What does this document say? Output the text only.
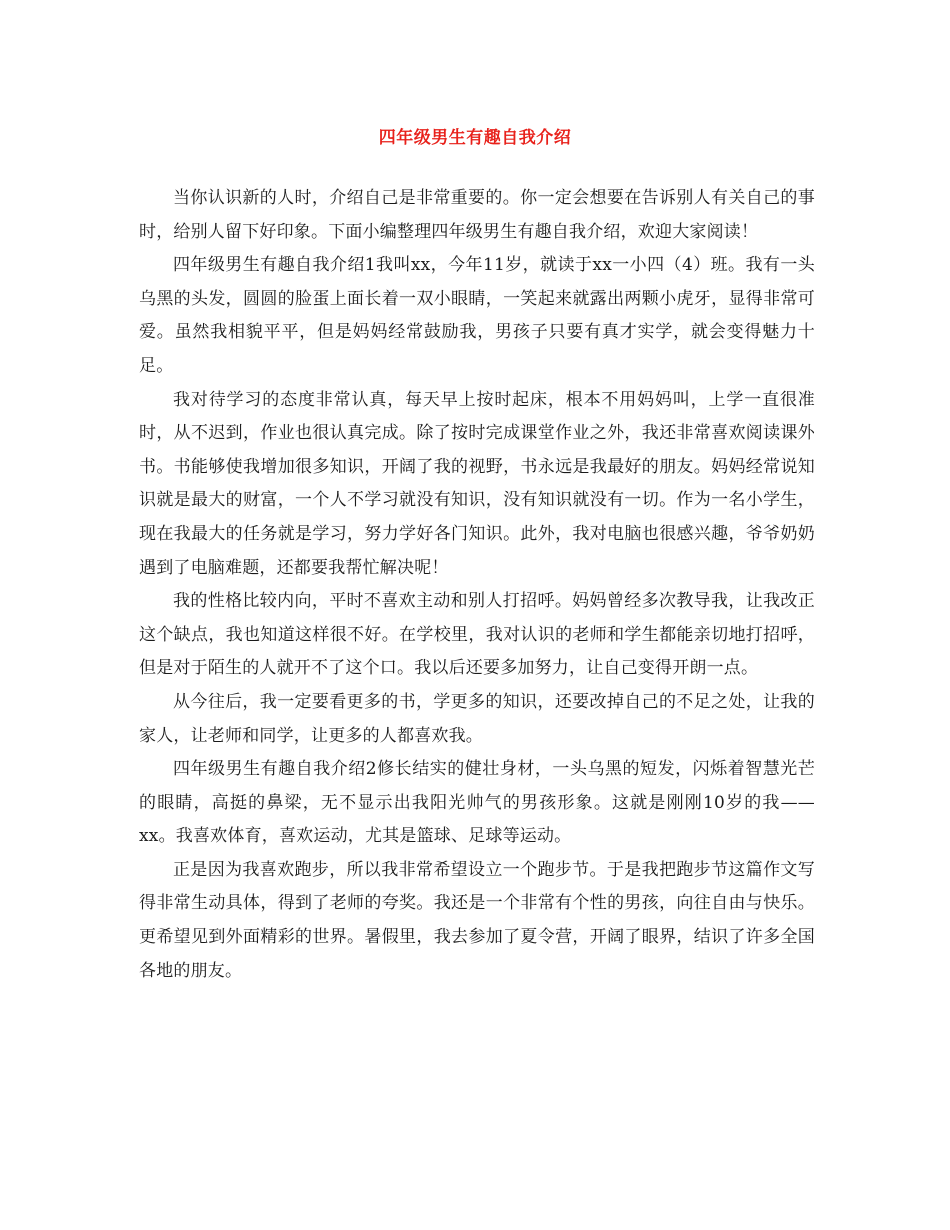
四年级男生有趣自我介绍

当你认识新的人时，介绍自己是非常重要的。你一定会想要在告诉别人有关自己的事时，给别人留下好印象。下面小编整理四年级男生有趣自我介绍，欢迎大家阅读！

四年级男生有趣自我介绍1我叫xx，今年11岁，就读于xx一小四（4）班。我有一头乌黑的头发，圆圆的脸蛋上面长着一双小眼睛，一笑起来就露出两颗小虎牙，显得非常可爱。虽然我相貌平平，但是妈妈经常鼓励我，男孩子只要有真才实学，就会变得魅力十足。

我对待学习的态度非常认真，每天早上按时起床，根本不用妈妈叫，上学一直很准时，从不迟到，作业也很认真完成。除了按时完成课堂作业之外，我还非常喜欢阅读课外书。书能够使我增加很多知识，开阔了我的视野，书永远是我最好的朋友。妈妈经常说知识就是最大的财富，一个人不学习就没有知识，没有知识就没有一切。作为一名小学生，现在我最大的任务就是学习，努力学好各门知识。此外，我对电脑也很感兴趣，爷爷奶奶遇到了电脑难题，还都要我帮忙解决呢！

我的性格比较内向，平时不喜欢主动和别人打招呼。妈妈曾经多次教导我，让我改正这个缺点，我也知道这样很不好。在学校里，我对认识的老师和学生都能亲切地打招呼，但是对于陌生的人就开不了这个口。我以后还要多加努力，让自己变得开朗一点。

从今往后，我一定要看更多的书，学更多的知识，还要改掉自己的不足之处，让我的家人，让老师和同学，让更多的人都喜欢我。

四年级男生有趣自我介绍2修长结实的健壮身材，一头乌黑的短发，闪烁着智慧光芒的眼睛，高挺的鼻梁，无不显示出我阳光帅气的男孩形象。这就是刚刚10岁的我——xx。我喜欢体育，喜欢运动，尤其是篮球、足球等运动。

正是因为我喜欢跑步，所以我非常希望设立一个跑步节。于是我把跑步节这篇作文写得非常生动具体，得到了老师的夸奖。我还是一个非常有个性的男孩，向往自由与快乐。更希望见到外面精彩的世界。暑假里，我去参加了夏令营，开阔了眼界，结识了许多全国各地的朋友。
